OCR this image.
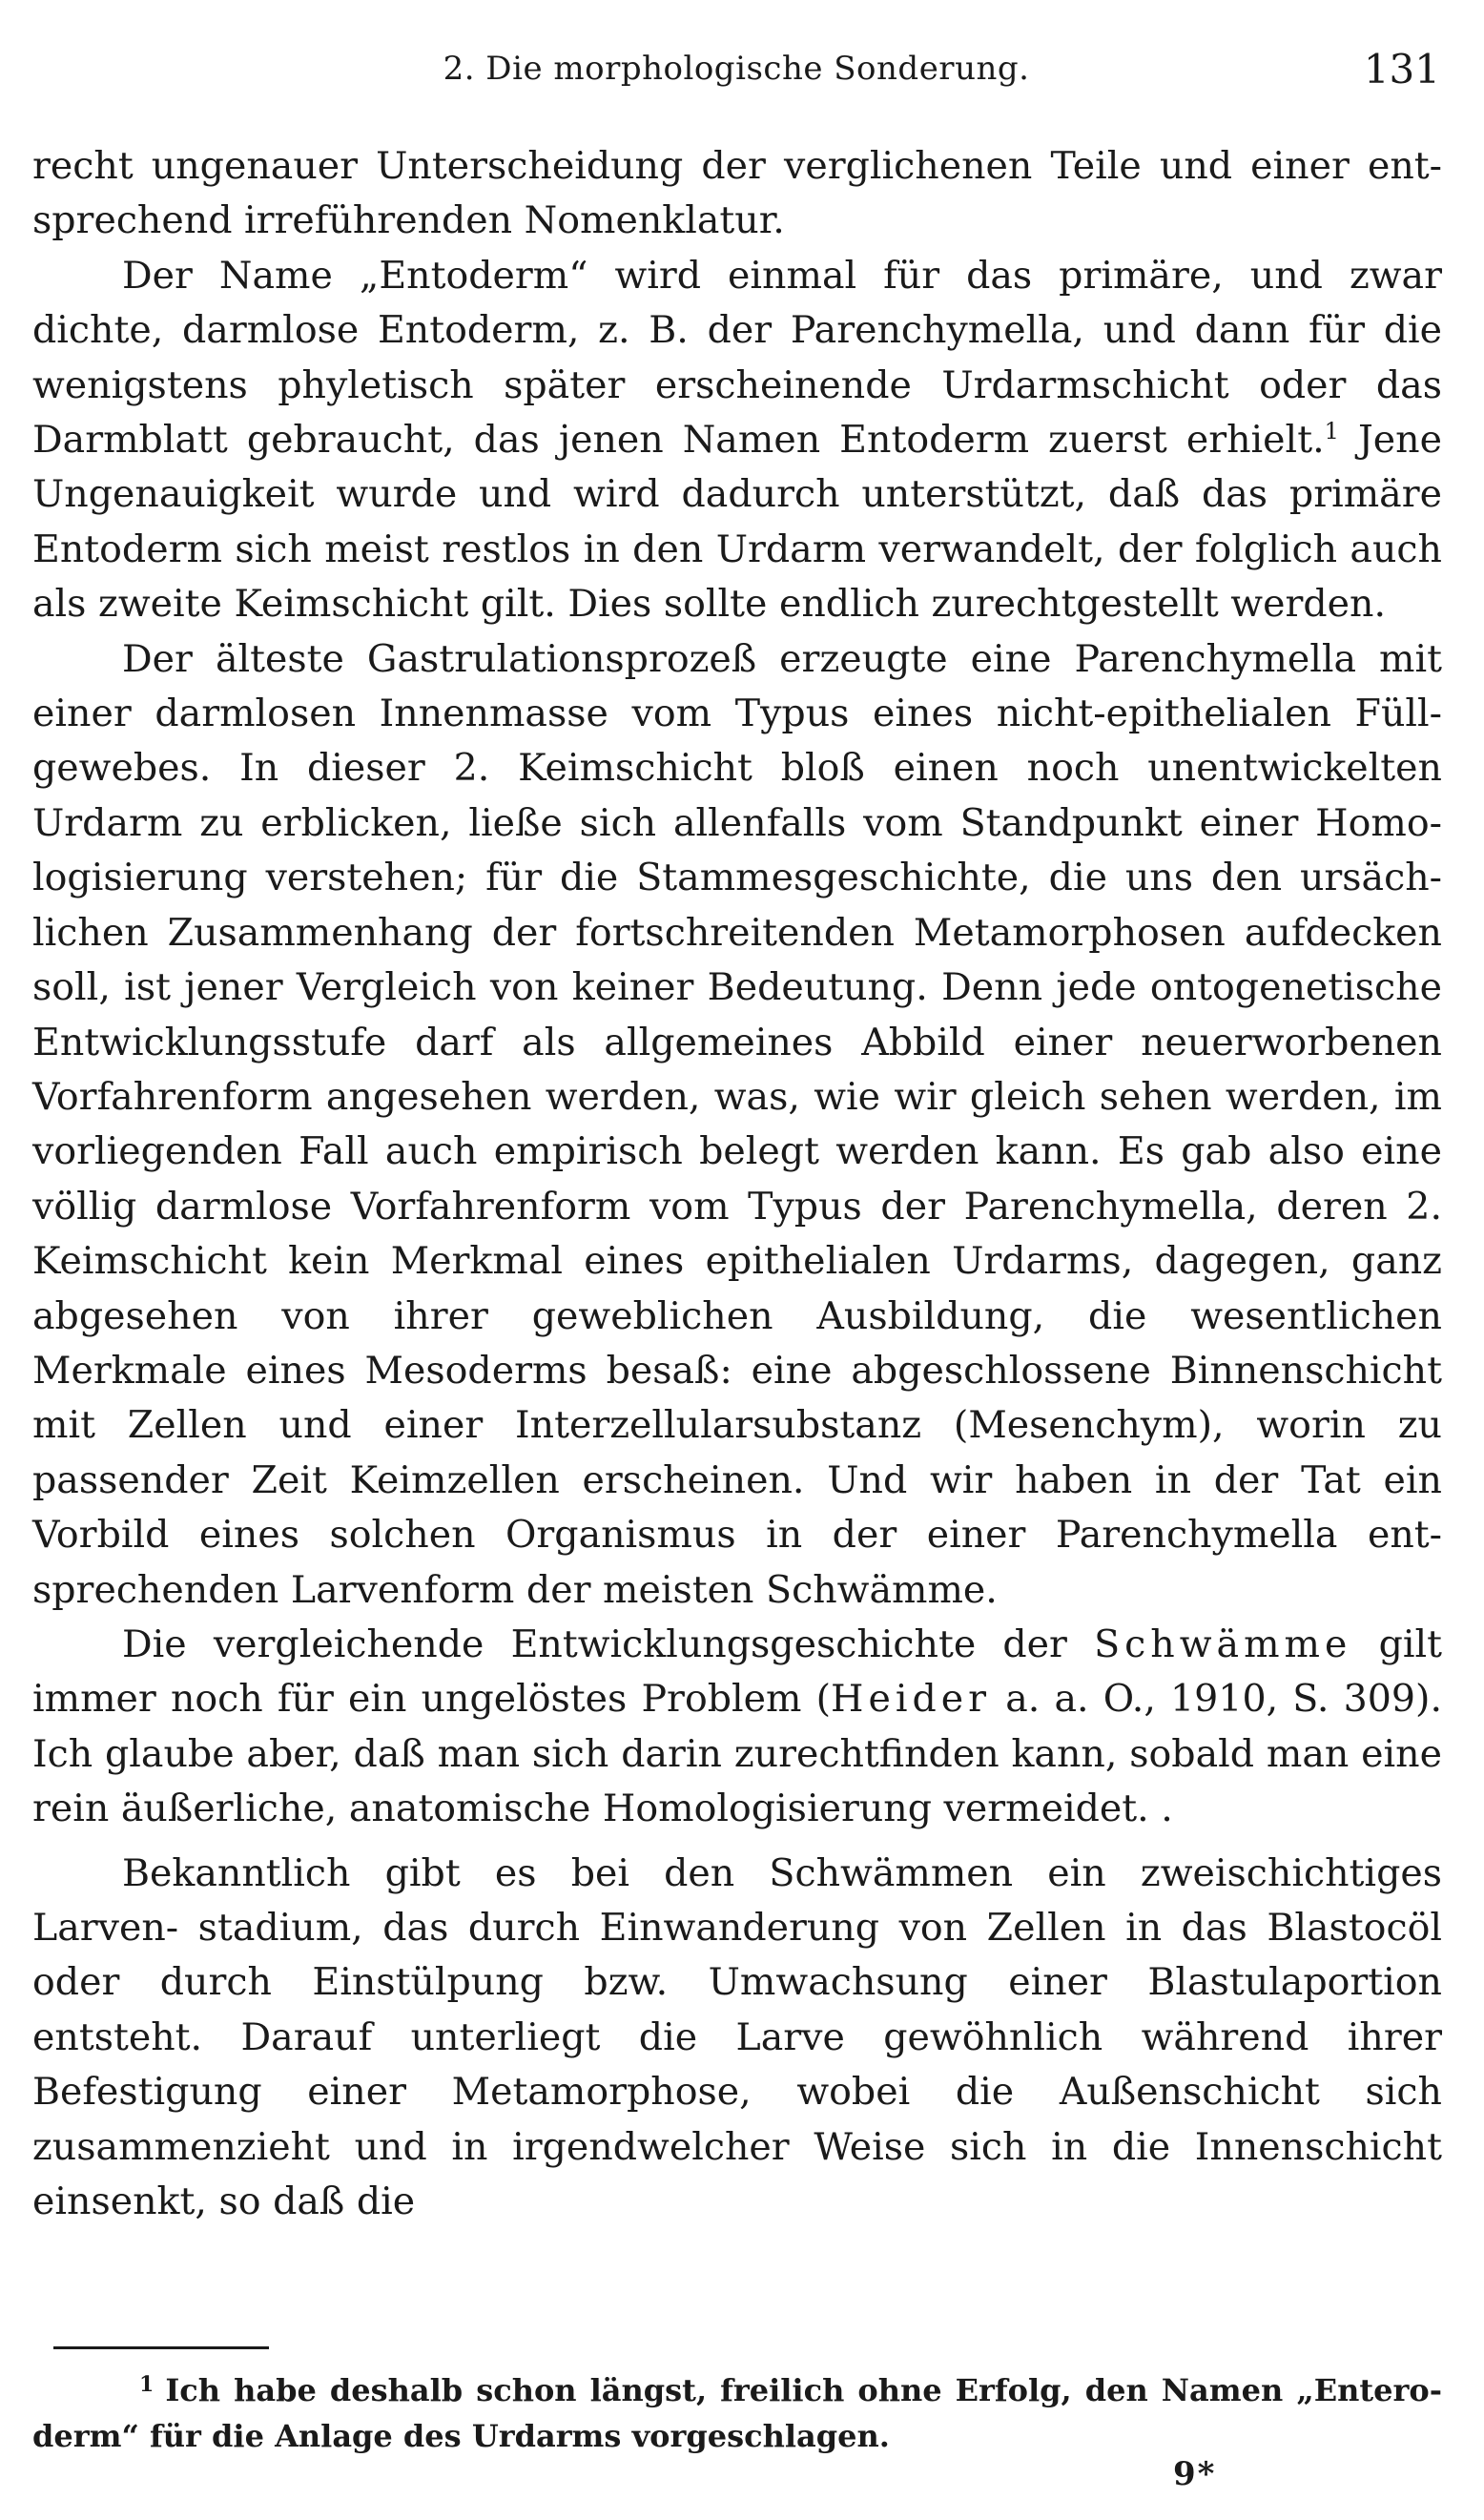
2. Die morphologische Sonderung.	131

recht ungenauer Unterscheidung der verglichenen Teile und einer ent- sprechend irreführenden Nomenklatur.

Der Name „Entoderm“ wird einmal für das primäre, und zwar dichte, darmlose Entoderm, z. B. der Parenchymella, und dann für die wenigstens phyletisch später erscheinende Urdarmschicht oder das Darmblatt gebraucht, das jenen Namen Entoderm zuerst erhielt.$^1$ Jene Ungenauigkeit wurde und wird dadurch unterstützt, daß das primäre Entoderm sich meist restlos in den Urdarm verwandelt, der folglich auch als zweite Keimschicht gilt. Dies sollte endlich zurechtgestellt werden.

Der älteste Gastrulationsprozeß erzeugte eine Parenchymella mit einer darmlosen Innenmasse vom Typus eines nicht-epithelialen Füll- gewebes. In dieser 2. Keimschicht bloß einen noch unentwickelten Urdarm zu erblicken, ließe sich allenfalls vom Standpunkt einer Homo- logisierung verstehen; für die Stammesgeschichte, die uns den ursäch- lichen Zusammenhang der fortschreitenden Metamorphosen aufdecken soll, ist jener Vergleich von keiner Bedeutung. Denn jede ontogenetische Entwicklungsstufe darf als allgemeines Abbild einer neuerworbenen Vorfahrenform angesehen werden, was, wie wir gleich sehen werden, im vorliegenden Fall auch empirisch belegt werden kann. Es gab also eine völlig darmlose Vorfahrenform vom Typus der Parenchymella, deren 2. Keimschicht kein Merkmal eines epithelialen Urdarms, dagegen, ganz abgesehen von ihrer geweblichen Ausbildung, die wesentlichen Merkmale eines Mesoderms besaß: eine abgeschlossene Binnenschicht mit Zellen und einer Interzellularsubstanz (Mesenchym), worin zu passender Zeit Keimzellen erscheinen. Und wir haben in der Tat ein Vorbild eines solchen Organismus in der einer Parenchymella ent- sprechenden Larvenform der meisten Schwämme.

Die vergleichende Entwicklungsgeschichte der Schwämme gilt immer noch für ein ungelöstes Problem (Heider a. a. O., 1910, S. 309). Ich glaube aber, daß man sich darin zurechtfinden kann, sobald man eine rein äußerliche, anatomische Homologisierung vermeidet. .

Bekanntlich gibt es bei den Schwämmen ein zweischichtiges Larven- stadium, das durch Einwanderung von Zellen in das Blastocöl oder durch Einstülpung bzw. Umwachsung einer Blastulaportion entsteht. Darauf unterliegt die Larve gewöhnlich während ihrer Befestigung einer Metamorphose, wobei die Außenschicht sich zusammenzieht und in irgendwelcher Weise sich in die Innenschicht einsenkt, so daß die

$^1$ Ich habe deshalb schon längst, freilich ohne Erfolg, den Namen „Entero- derm“ für die Anlage des Urdarms vorgeschlagen.
9*
